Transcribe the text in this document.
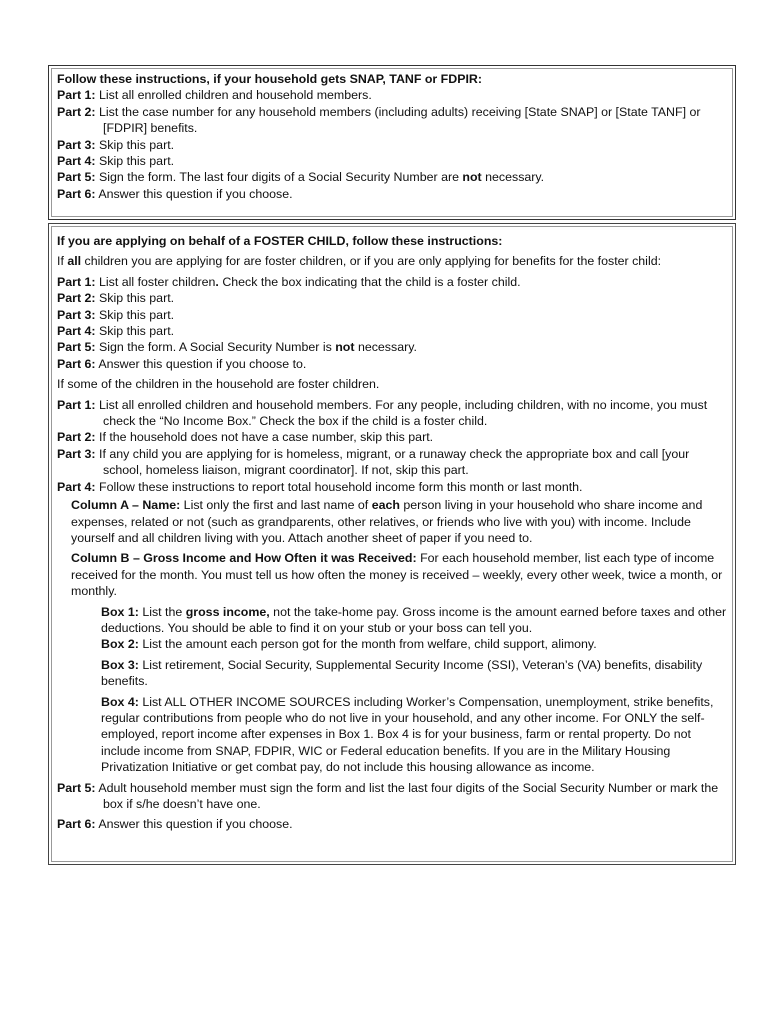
Follow these instructions, if your household gets SNAP, TANF or FDPIR:

Part 1: List all enrolled children and household members.

Part 2: List the case number for any household members (including adults) receiving [State SNAP] or [State TANF] or [FDPIR] benefits.

Part 3: Skip this part.

Part 4: Skip this part.

Part 5: Sign the form. The last four digits of a Social Security Number are not necessary.

Part 6: Answer this question if you choose.

If you are applying on behalf of a FOSTER CHILD, follow these instructions:

If all children you are applying for are foster children, or if you are only applying for benefits for the foster child:

Part 1: List all foster children. Check the box indicating that the child is a foster child.

Part 2: Skip this part.

Part 3: Skip this part.

Part 4: Skip this part.

Part 5: Sign the form. A Social Security Number is not necessary.

Part 6: Answer this question if you choose to.

If some of the children in the household are foster children.

Part 1: List all enrolled children and household members. For any people, including children, with no income, you must check the “No Income Box.” Check the box if the child is a foster child.

Part 2: If the household does not have a case number, skip this part.

Part 3: If any child you are applying for is homeless, migrant, or a runaway check the appropriate box and call [your school, homeless liaison, migrant coordinator]. If not, skip this part.

Part 4: Follow these instructions to report total household income form this month or last month.

Column A – Name: List only the first and last name of each person living in your household who share income and expenses, related or not (such as grandparents, other relatives, or friends who live with you) with income. Include yourself and all children living with you. Attach another sheet of paper if you need to.

Column B – Gross Income and How Often it was Received: For each household member, list each type of income received for the month. You must tell us how often the money is received – weekly, every other week, twice a month, or monthly.

Box 1: List the gross income, not the take-home pay. Gross income is the amount earned before taxes and other deductions. You should be able to find it on your stub or your boss can tell you.

Box 2: List the amount each person got for the month from welfare, child support, alimony.

Box 3: List retirement, Social Security, Supplemental Security Income (SSI), Veteran’s (VA) benefits, disability benefits.

Box 4: List ALL OTHER INCOME SOURCES including Worker’s Compensation, unemployment, strike benefits, regular contributions from people who do not live in your household, and any other income. For ONLY the self-employed, report income after expenses in Box 1. Box 4 is for your business, farm or rental property. Do not include income from SNAP, FDPIR, WIC or Federal education benefits. If you are in the Military Housing Privatization Initiative or get combat pay, do not include this housing allowance as income.

Part 5: Adult household member must sign the form and list the last four digits of the Social Security Number or mark the box if s/he doesn’t have one.

Part 6: Answer this question if you choose.
